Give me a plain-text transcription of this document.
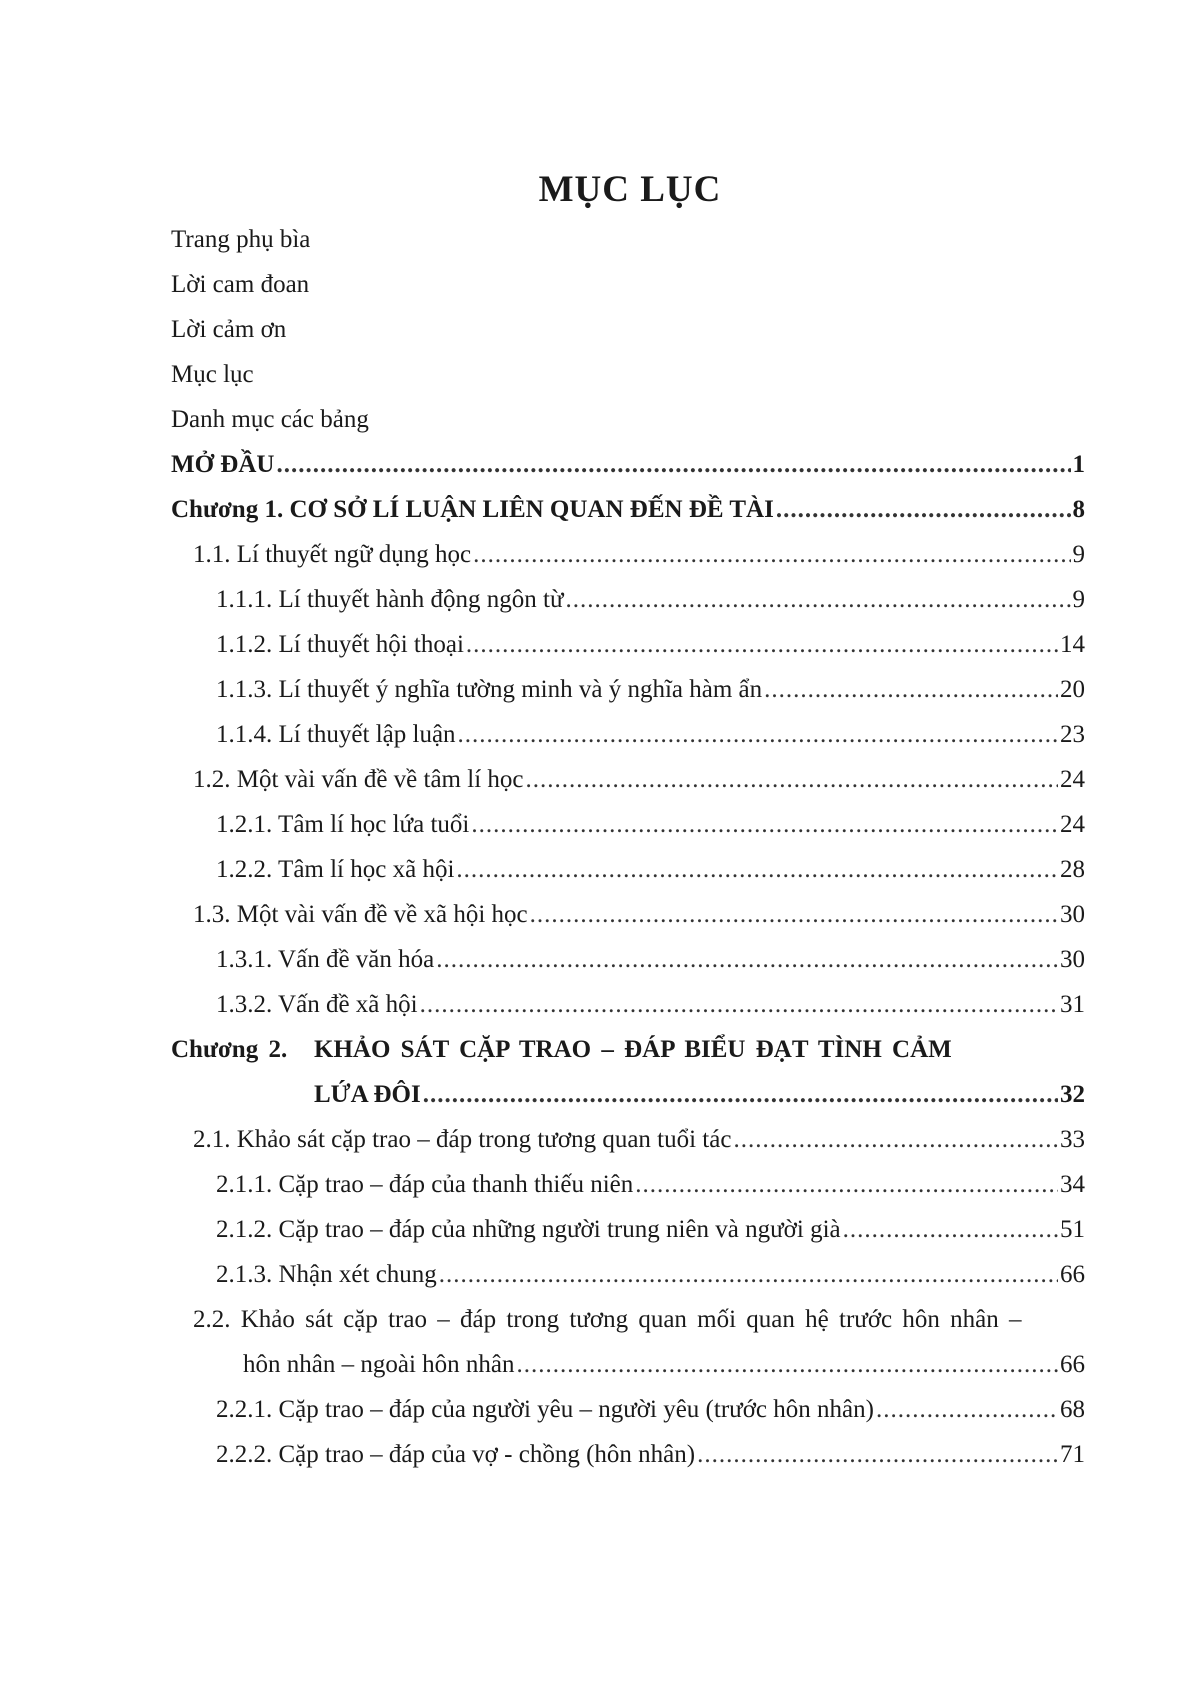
MỤC LỤC
Trang phụ bìa
Lời cam đoan
Lời cảm ơn
Mục lục
Danh mục các bảng
MỞ ĐẦU .....	1
Chương 1. CƠ SỞ LÍ LUẬN LIÊN QUAN ĐẾN ĐỀ TÀI .....	8
1.1. Lí thuyết ngữ dụng học .....	9
1.1.1. Lí thuyết hành động ngôn từ .....	9
1.1.2. Lí thuyết hội thoại .....	14
1.1.3. Lí thuyết ý nghĩa tường minh và ý nghĩa hàm ẩn .....	20
1.1.4. Lí thuyết lập luận .....	23
1.2. Một vài vấn đề về tâm lí học .....	24
1.2.1. Tâm lí học lứa tuổi .....	24
1.2.2. Tâm lí học xã hội .....	28
1.3. Một vài vấn đề về xã hội học .....	30
1.3.1. Vấn đề văn hóa .....	30
1.3.2. Vấn đề xã hội .....	31
Chương 2. KHẢO SÁT CẶP TRAO – ĐÁP BIỂU ĐẠT TÌNH CẢM
LỨA ĐÔI .....	32
2.1. Khảo sát cặp trao – đáp trong tương quan tuổi tác .....	33
2.1.1. Cặp trao – đáp của thanh thiếu niên .....	34
2.1.2. Cặp trao – đáp của những người trung niên và người già .....	51
2.1.3. Nhận xét chung .....	66
2.2. Khảo sát cặp trao – đáp trong tương quan mối quan hệ trước hôn nhân –
hôn nhân – ngoài hôn nhân .....	66
2.2.1. Cặp trao – đáp của người yêu – người yêu (trước hôn nhân) .....	68
2.2.2. Cặp trao – đáp của vợ - chồng (hôn nhân) .....	71
